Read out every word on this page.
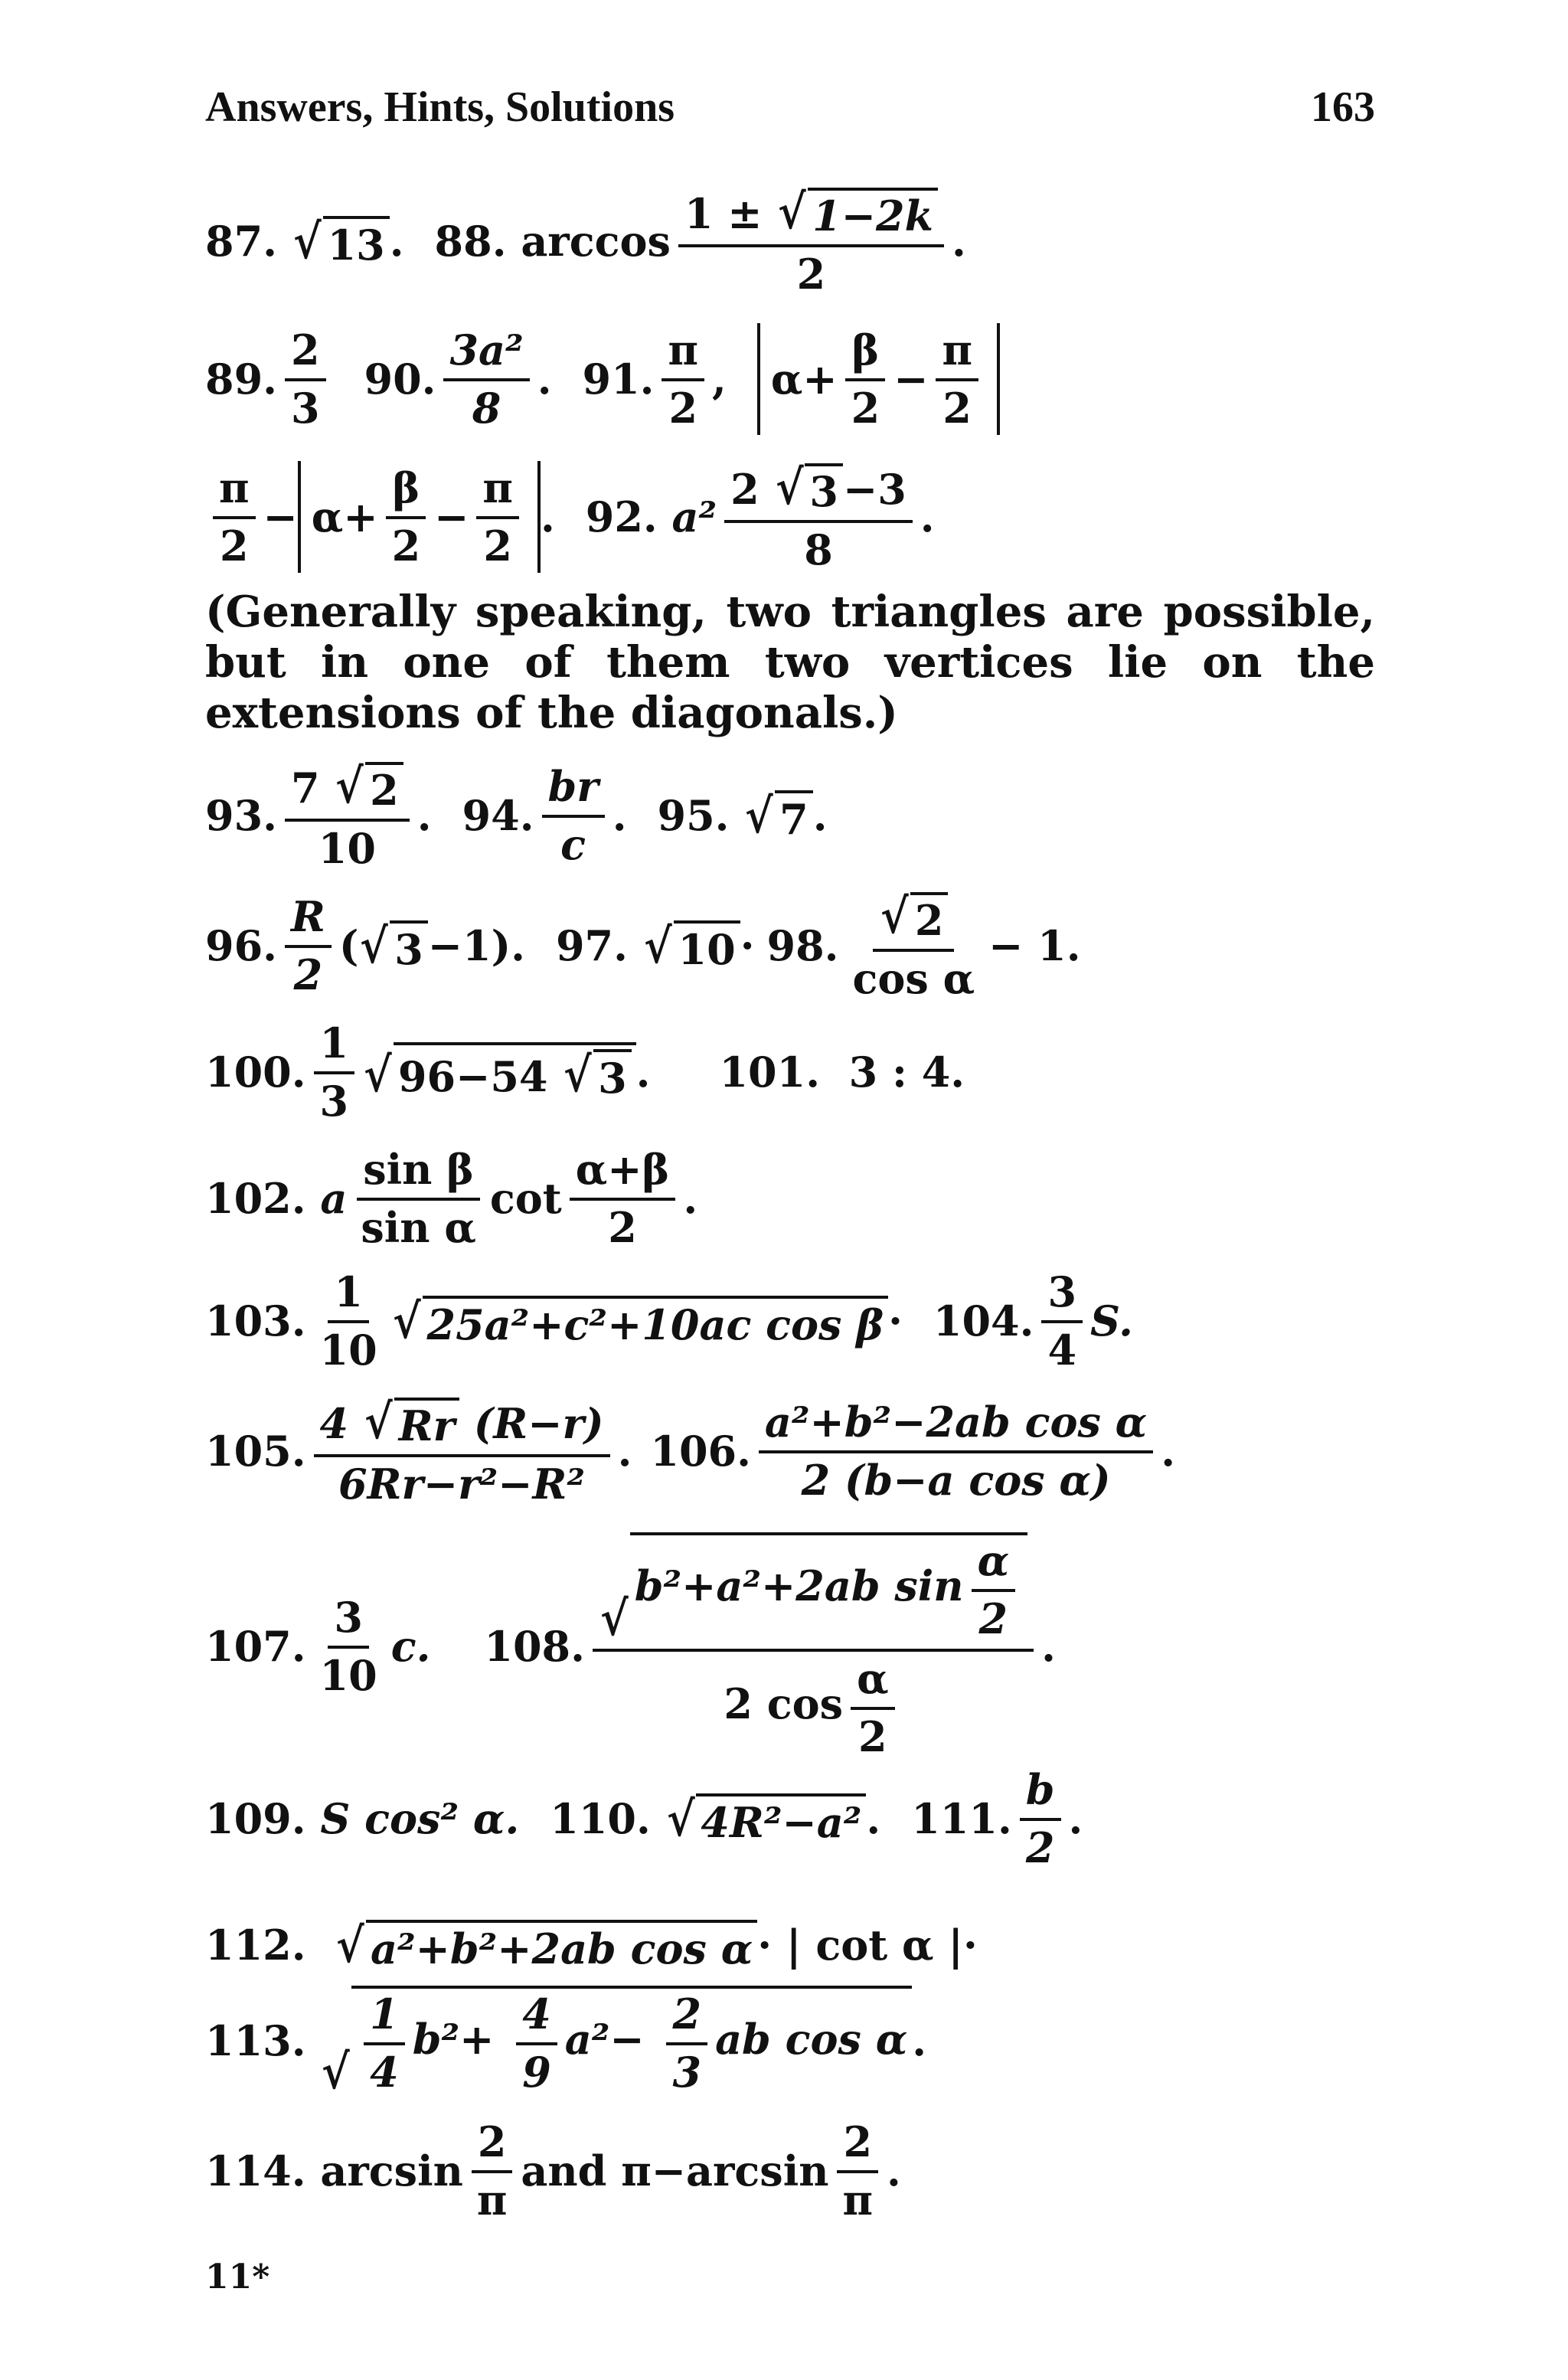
Answers, Hints, Solutions	163
87.
√ 13 . 88.
$\arccos \frac{1 \pm √ 1-2k}{2}$ .
89. $\frac{2}{3} 90$. $\frac{\text{3a²}}{8}$ . 91. $\frac{\pi}{2}$ , $\alpha+ \frac{\beta}{2} - \frac{\pi}{2}$
$\frac{\pi}{2} - \alpha+ \frac{\beta}{2} - \frac{\pi}{2}$ . 92.
$a^2 \frac{2 √ 3 -3}{8}$ .
(Generally speaking, two triangles are possible, but in one of them two vertices lie on the extensions of the diagonals.)
93. $\frac{7 √ 2}{10}$ . 94. $\frac{br}{c}$ . 95.
√ 7 .
96. $\frac{R}{2}$ ( √ 3 −1). 97.
√ 10 · 98. $\frac{√ 2}{\text{cos α}} - 1$.
100. $\frac{1}{3}$ √ 96−54 √ 3 . 101.
3 : 4.
102.
a $\frac{\text{sin β}}{\text{sin α}}$ $\cot \frac{\alpha+\beta}{2}$ .
103. $\frac{1}{10}$ √ 25a²+c²+10ac cos β · 104. $\frac{3}{4} S$.
105. $\frac{4 √ Rr (R-r)}{\text{6Rr−r²−R²}}$ . 106. $\frac{\text{a²+b²−2ab cos α}}{\text{2 (b−a cos α)}}$ .
107. $\frac{3}{10} c$. 108. √
b²+a²+2ab $\sin \frac{\alpha}{2}$
2 $\cos \frac{\alpha}{2}$ .
109.
S cos² α. 110.
√ 4R²−a² . 111. $\frac{b}{2}$ .
112.
√ a²+b²+2ab cos α · | cot α |·
113.

√ $\frac{1}{4} b^2+ \frac{4}{9} a^2- \frac{2}{3}$ ab cos α .
114.
$\arcsin \frac{2}{\pi}$ and
$\pi-\arcsin \frac{2}{\pi}$ .
11*
